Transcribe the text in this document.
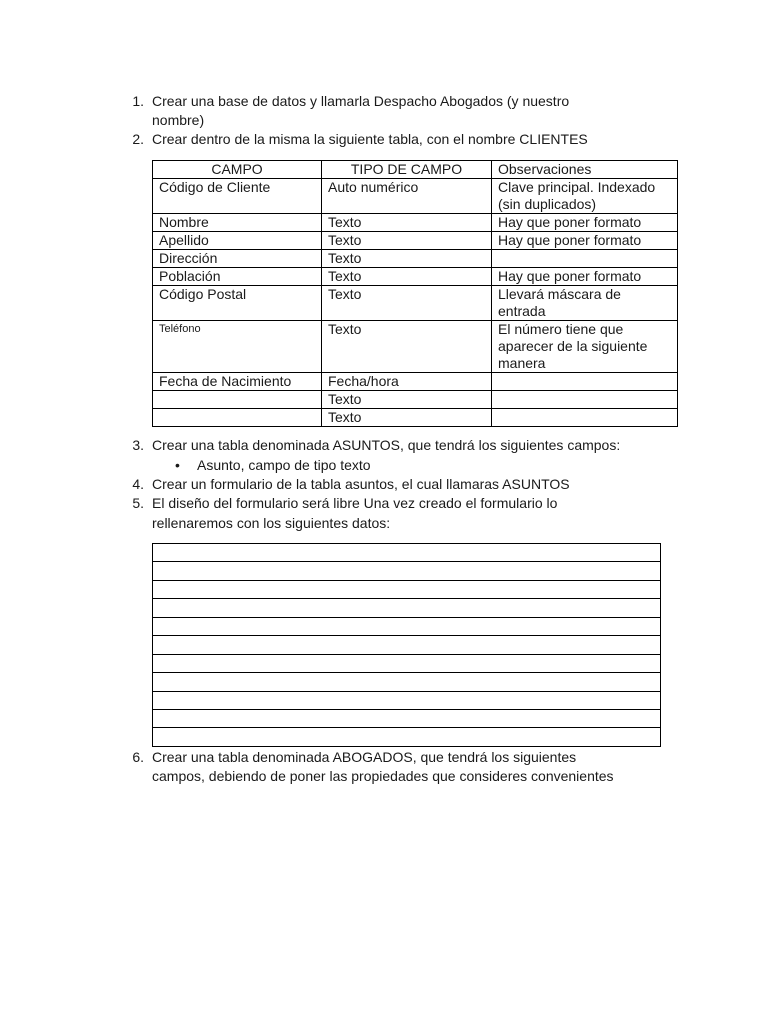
1. Crear una base de datos y llamarla Despacho Abogados (y nuestro
nombre)
2. Crear dentro de la misma la siguiente tabla, con el nombre CLIENTES
CAMPO	TIPO DE CAMPO	Observaciones
Código de Cliente	Auto numérico	Clave principal. Indexado (sin duplicados)
Nombre	Texto	Hay que poner formato
Apellido	Texto	Hay que poner formato
Dirección	Texto	
Población	Texto	Hay que poner formato
Código Postal	Texto	Llevará máscara de entrada
Teléfono	Texto	El número tiene que aparecer de la siguiente manera
Fecha de Nacimiento	Fecha/hora	
	Texto	
	Texto	
3. Crear una tabla denominada ASUNTOS, que tendrá los siguientes campos:
• Asunto, campo de tipo texto
4. Crear un formulario de la tabla asuntos, el cual llamaras ASUNTOS
5. El diseño del formulario será libre Una vez creado el formulario lo
rellenaremos con los siguientes datos:
6. Crear una tabla denominada ABOGADOS, que tendrá los siguientes
campos, debiendo de poner las propiedades que consideres convenientes
